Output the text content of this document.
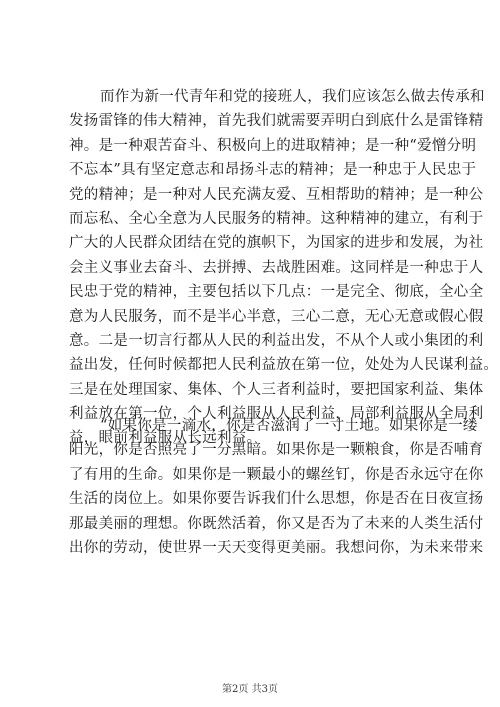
而作为新一代青年和党的接班人，我们应该怎么做去传承和
发扬雷锋的伟大精神，首先我们就需要弄明白到底什么是雷锋精
神。是一种艰苦奋斗、积极向上的进取精神；是一种“爱憎分明
不忘本”具有坚定意志和昂扬斗志的精神；是一种忠于人民忠于
党的精神；是一种对人民充满友爱、互相帮助的精神；是一种公
而忘私、全心全意为人民服务的精神。这种精神的建立，有利于
广大的人民群众团结在党的旗帜下，为国家的进步和发展，为社
会主义事业去奋斗、去拼搏、去战胜困难。这同样是一种忠于人
民忠于党的精神，主要包括以下几点：一是完全、彻底，全心全
意为人民服务，而不是半心半意，三心二意，无心无意或假心假
意。二是一切言行都从人民的利益出发，不从个人或小集团的利
益出发，任何时候都把人民利益放在第一位，处处为人民谋利益。
三是在处理国家、集体、个人三者利益时，要把国家利益、集体
利益放在第一位，个人利益服从人民利益，局部利益服从全局利
益，眼前利益服从长远利益。
“如果你是一滴水，你是否滋润了一寸土地。如果你是一缕
阳光，你是否照亮了一分黑暗。如果你是一颗粮食，你是否哺育
了有用的生命。如果你是一颗最小的螺丝钉，你是否永远守在你
生活的岗位上。如果你要告诉我们什么思想，你是否在日夜宣扬
那最美丽的理想。你既然活着，你又是否为了未来的人类生活付
出你的劳动，使世界一天天变得更美丽。我想问你，为未来带来
第2页 共3页
